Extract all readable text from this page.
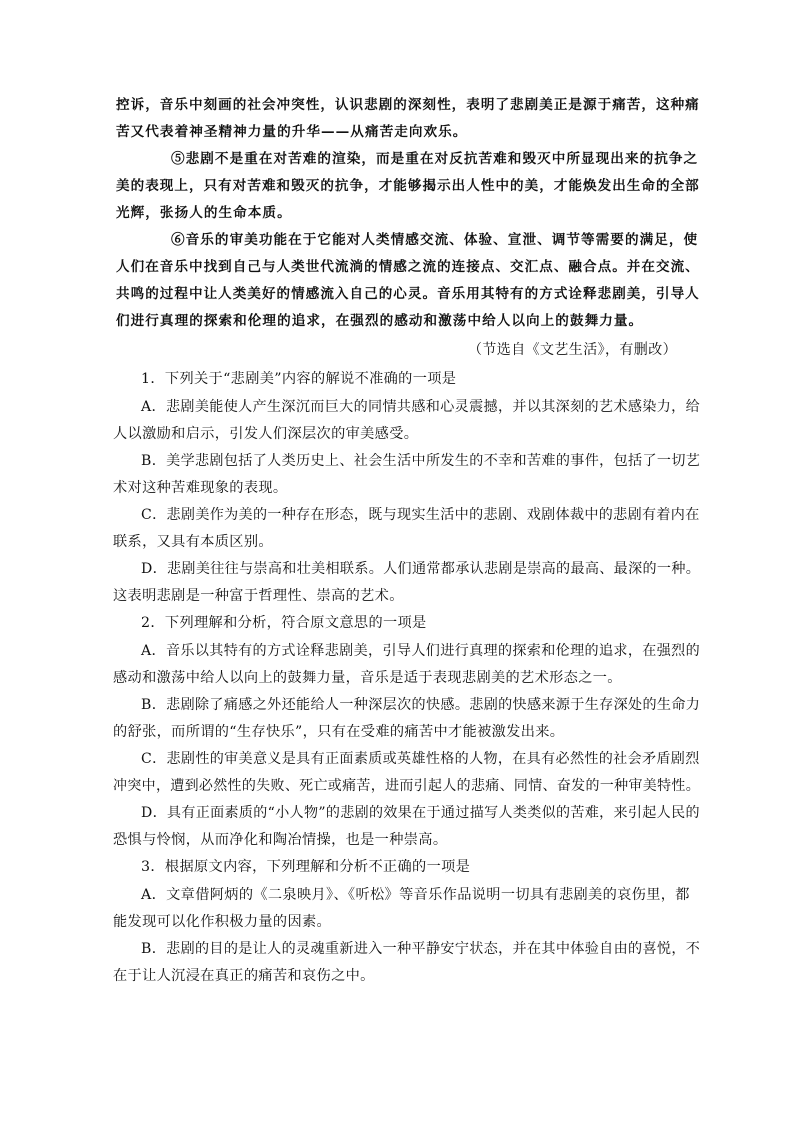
控诉，音乐中刻画的社会冲突性，认识悲剧的深刻性，表明了悲剧美正是源于痛苦，这种痛
苦又代表着神圣精神力量的升华——从痛苦走向欢乐。
⑤悲剧不是重在对苦难的渲染，而是重在对反抗苦难和毁灭中所显现出来的抗争之
美的表现上，只有对苦难和毁灭的抗争，才能够揭示出人性中的美，才能焕发出生命的全部
光辉，张扬人的生命本质。
⑥音乐的审美功能在于它能对人类情感交流、体验、宣泄、调节等需要的满足，使
人们在音乐中找到自己与人类世代流淌的情感之流的连接点、交汇点、融合点。并在交流、
共鸣的过程中让人类美好的情感流入自己的心灵。音乐用其特有的方式诠释悲剧美，引导人
们进行真理的探索和伦理的追求，在强烈的感动和激荡中给人以向上的鼓舞力量。
（节选自《文艺生活》，有删改）
1．下列关于“悲剧美”内容的解说不准确的一项是
A．悲剧美能使人产生深沉而巨大的同情共感和心灵震撼，并以其深刻的艺术感染力，给
人以激励和启示，引发人们深层次的审美感受。
B．美学悲剧包括了人类历史上、社会生活中所发生的不幸和苦难的事件，包括了一切艺
术对这种苦难现象的表现。
C．悲剧美作为美的一种存在形态，既与现实生活中的悲剧、戏剧体裁中的悲剧有着内在
联系，又具有本质区别。
D．悲剧美往往与崇高和壮美相联系。人们通常都承认悲剧是崇高的最高、最深的一种。
这表明悲剧是一种富于哲理性、崇高的艺术。
2．下列理解和分析，符合原文意思的一项是
A．音乐以其特有的方式诠释悲剧美，引导人们进行真理的探索和伦理的追求，在强烈的
感动和激荡中给人以向上的鼓舞力量，音乐是适于表现悲剧美的艺术形态之一。
B．悲剧除了痛感之外还能给人一种深层次的快感。悲剧的快感来源于生存深处的生命力
的舒张，而所谓的“生存快乐”，只有在受难的痛苦中才能被激发出来。
C．悲剧性的审美意义是具有正面素质或英雄性格的人物，在具有必然性的社会矛盾剧烈
冲突中，遭到必然性的失败、死亡或痛苦，进而引起人的悲痛、同情、奋发的一种审美特性。
D．具有正面素质的“小人物”的悲剧的效果在于通过描写人类类似的苦难，来引起人民的
恐惧与怜悯，从而净化和陶冶情操，也是一种崇高。
3．根据原文内容，下列理解和分析不正确的一项是
A．文章借阿炳的《二泉映月》、《听松》等音乐作品说明一切具有悲剧美的哀伤里，都
能发现可以化作积极力量的因素。
B．悲剧的目的是让人的灵魂重新进入一种平静安宁状态，并在其中体验自由的喜悦，不
在于让人沉浸在真正的痛苦和哀伤之中。
